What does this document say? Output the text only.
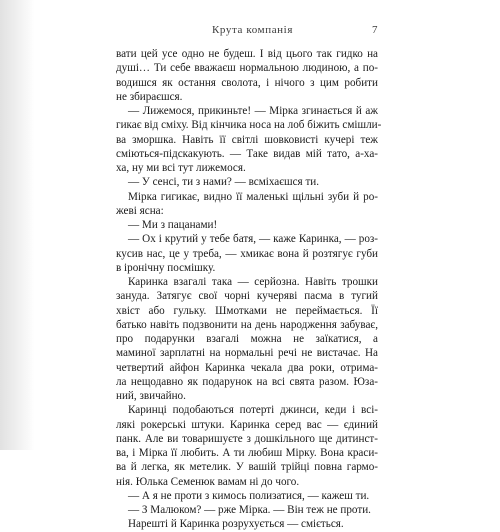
Крута компанія	7
вати цей усе одно не будеш. І від цього так гидко на
душі… Ти себе вважаєш нормальною людиною, а по-
водишся як остання сволота, і нічого з цим робити
не збираєшся.
— Лижемося, прикиньте! — Мірка згинається й аж
гикає від сміху. Від кінчика носа на лоб біжить смішли-
ва зморшка. Навіть її світлі шовковисті кучері теж
сміються-підскакують. — Таке видав мій тато, а-ха-
ха, ну ми всі тут лижемося.
— У сенсі, ти з нами? — всміхаєшся ти.
Мірка гигикає, видно її маленькі щільні зуби й ро-
жеві ясна:
— Ми з пацанами!
— Ох і крутий у тебе батя, — каже Каринка, — роз-
кусив нас, це у треба, — хмикає вона й розтягує губи
в іронічну посмішку.
Каринка взагалі така — серйозна. Навіть трошки
зануда. Затягує свої чорні кучеряві пасма в тугий
хвіст або гульку. Шмотками не переймається. Її
батько навіть подзвонити на день народження забуває,
про подарунки взагалі можна не заїкатися, а
маминої зарплатні на нормальні речі не вистачає. На
четвертий айфон Каринка чекала два роки, отрима-
ла нещодавно як подарунок на всі свята разом. Юза-
ний, звичайно.
Каринці подобаються потерті джинси, кеди і всі-
лякі рокерські штуки. Каринка серед вас — єдиний
панк. Але ви товаришуєте з дошкільного ще дитинст-
ва, і Мірка її любить. А ти любиш Мірку. Вона краси-
ва й легка, як метелик. У вашій трійці повна гармо-
нія. Юлька Семенюк вамам ні до чого.
— А я не проти з кимось полизатися, — кажеш ти.
— З Малюком? — рже Мірка. — Він теж не проти.
Нарешті й Каринка розрухується — сміється.
